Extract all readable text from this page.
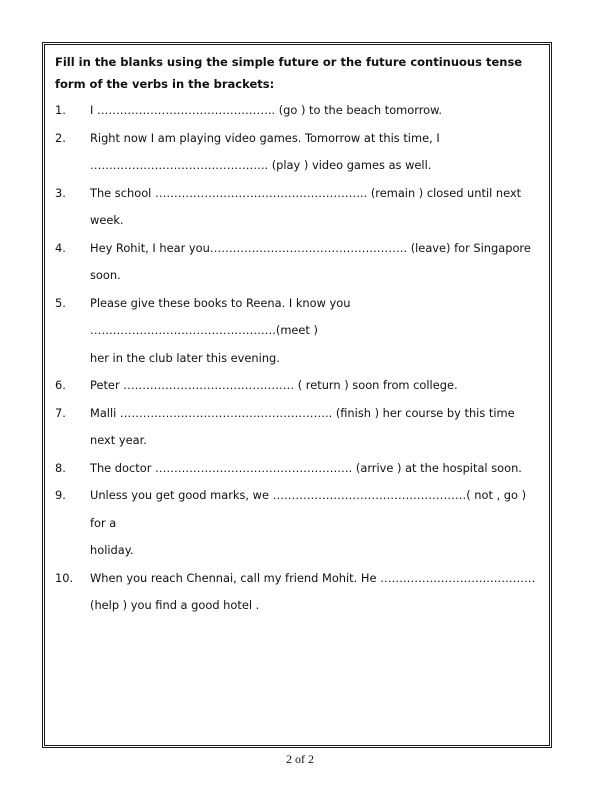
Fill in the blanks using the simple future or the future continuous tense form of the verbs in the brackets:

1.	I ……………………………………….. (go ) to the beach tomorrow.
2.	Right now I am playing video games. Tomorrow at this time, I
……………………………………….. (play ) video games as well.
3.	The school ……………………………………………….. (remain ) closed until next week.
4.	Hey Rohit, I hear you……………………………………………. (leave) for Singapore soon.
5.	Please give these books to Reena. I know you ………………………………………….(meet )
her in the club later this evening.
6.	Peter ……………………………………… ( return ) soon from college.
7.	Malli ……………………………………………….. (finish ) her course by this time next year.
8.	The doctor ……………………………………………. (arrive ) at the hospital soon.
9.	Unless you get good marks, we ……………………………………………( not , go ) for a
holiday.
10.	When you reach Chennai, call my friend Mohit. He ………………………..…………
(help ) you find a good hotel .
2 of 2
